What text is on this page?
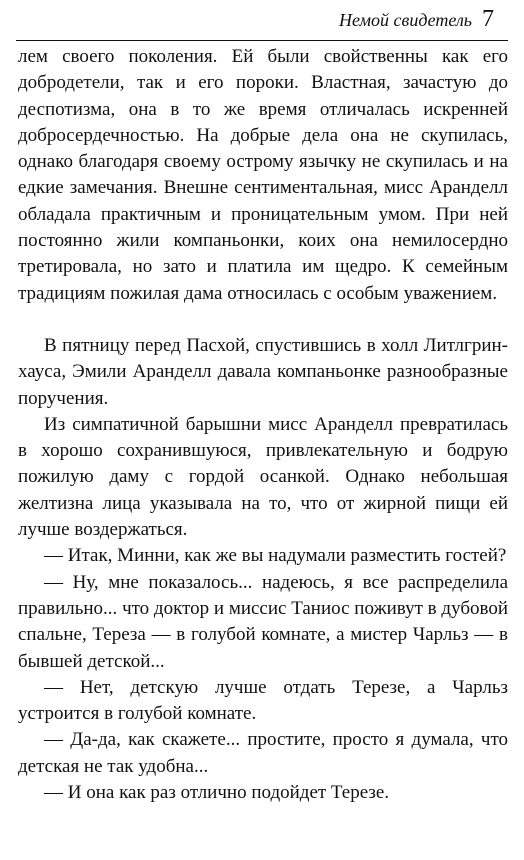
Немой свидетель 7

лем своего поколения. Ей были свойственны как его добродетели, так и его пороки. Властная, зачастую до деспотизма, она в то же время отличалась искренней добросердечностью. На добрые дела она не скупилась, однако благодаря своему острому язычку не скупилась и на едкие замечания. Внешне сентиментальная, мисс Аранделл обладала практичным и проницательным умом. При ней постоянно жили компаньонки, коих она немилосердно третировала, но зато и платила им щедро. К семейным традициям пожилая дама относилась с особым уважением.

В пятницу перед Пасхой, спустившись в холл Литлгрин-хауса, Эмили Аранделл давала компаньонке разнообразные поручения.

Из симпатичной барышни мисс Аранделл превратилась в хорошо сохранившуюся, привлекательную и бодрую пожилую даму с гордой осанкой. Однако небольшая желтизна лица указывала на то, что от жирной пищи ей лучше воздержаться.

— Итак, Минни, как же вы надумали разместить гостей?

— Ну, мне показалось... надеюсь, я все распределила правильно... что доктор и миссис Таниос поживут в дубовой спальне, Тереза — в голубой комнате, а мистер Чарльз — в бывшей детской...

— Нет, детскую лучше отдать Терезе, а Чарльз устроится в голубой комнате.

— Да-да, как скажете... простите, просто я думала, что детская не так удобна...

— И она как раз отлично подойдет Терезе.
